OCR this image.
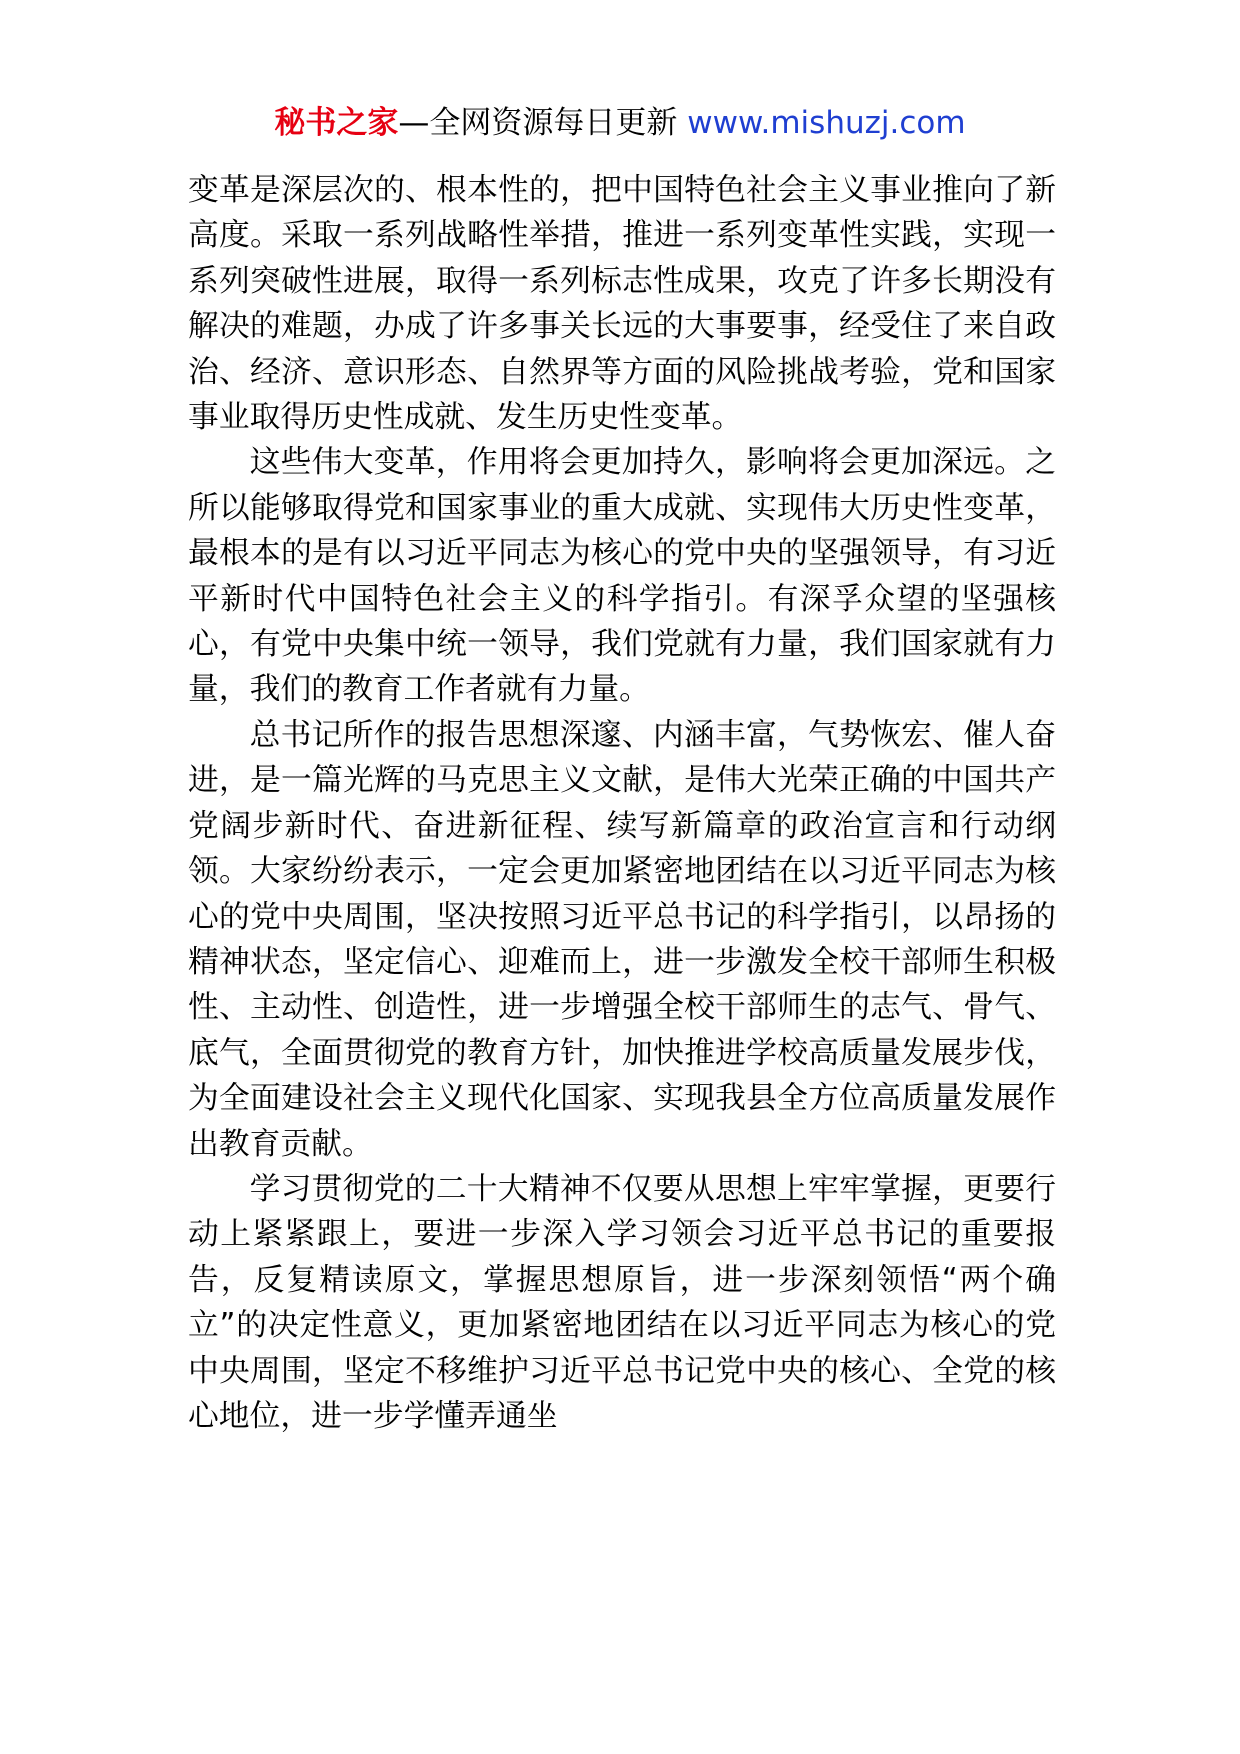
秘书之家—全网资源每日更新 www.mishuzj.com

变革是深层次的、根本性的，把中国特色社会主义事业推向了新高度。采取一系列战略性举措，推进一系列变革性实践，实现一系列突破性进展，取得一系列标志性成果，攻克了许多长期没有解决的难题，办成了许多事关长远的大事要事，经受住了来自政治、经济、意识形态、自然界等方面的风险挑战考验，党和国家事业取得历史性成就、发生历史性变革。

这些伟大变革，作用将会更加持久，影响将会更加深远。之所以能够取得党和国家事业的重大成就、实现伟大历史性变革，最根本的是有以习近平同志为核心的党中央的坚强领导，有习近平新时代中国特色社会主义的科学指引。有深孚众望的坚强核心，有党中央集中统一领导，我们党就有力量，我们国家就有力量，我们的教育工作者就有力量。

总书记所作的报告思想深邃、内涵丰富，气势恢宏、催人奋进，是一篇光辉的马克思主义文献，是伟大光荣正确的中国共产党阔步新时代、奋进新征程、续写新篇章的政治宣言和行动纲领。大家纷纷表示，一定会更加紧密地团结在以习近平同志为核心的党中央周围，坚决按照习近平总书记的科学指引，以昂扬的精神状态，坚定信心、迎难而上，进一步激发全校干部师生积极性、主动性、创造性，进一步增强全校干部师生的志气、骨气、底气，全面贯彻党的教育方针，加快推进学校高质量发展步伐，为全面建设社会主义现代化国家、实现我县全方位高质量发展作出教育贡献。

学习贯彻党的二十大精神不仅要从思想上牢牢掌握，更要行动上紧紧跟上，要进一步深入学习领会习近平总书记的重要报告，反复精读原文，掌握思想原旨，进一步深刻领悟“两个确立”的决定性意义，更加紧密地团结在以习近平同志为核心的党中央周围，坚定不移维护习近平总书记党中央的核心、全党的核心地位，进一步学懂弄通坐
